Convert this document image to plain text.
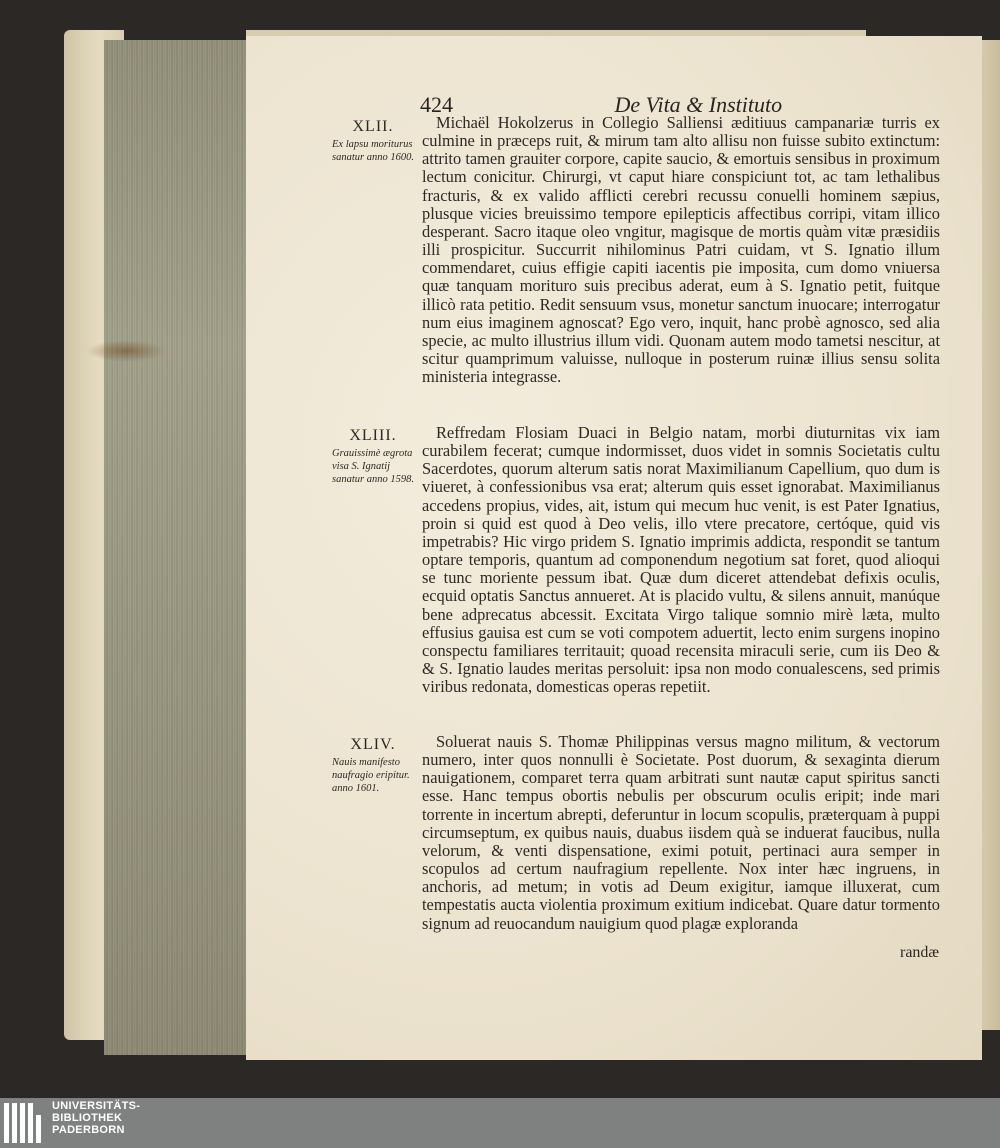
424	De Vita & Instituto
XLII.
Ex lapsu moriturus sanatur anno 1600.

Michaël Hokolzerus in Collegio Salliensi æditiuus campanariæ turris ex culmine in præceps ruit, & mirum tam alto allisu non fuisse subito extinctum: attrito tamen grauiter corpore, capite saucio, & emortuis sensibus in proximum lectum conicitur. Chirurgi, vt caput hiare conspiciunt tot, ac tam lethalibus fracturis, & ex valido afflicti cerebri recussu conuelli hominem sæpius, plusque vicies breuissimo tempore epilepticis affectibus corripi, vitam illico desperant. Sacro itaque oleo vngitur, magisque de mortis quàm vitæ præsidiis illi prospicitur. Succurrit nihilominus Patri cuidam, vt S. Ignatio illum commendaret, cuius effigie capiti iacentis pie imposita, cum domo vniuersa quæ tanquam morituro suis precibus aderat, eum à S. Ignatio petit, fuitque illicò rata petitio. Redit sensuum vsus, monetur sanctum inuocare; interrogatur num eius imaginem agnoscat? Ego vero, inquit, hanc probè agnosco, sed alia specie, ac multo illustrius illum vidi. Quonam autem modo tametsi nescitur, at scitur quamprimum valuisse, nulloque in posterum ruinæ illius sensu solita ministeria integrasse.

XLIII.
Grauissimè ægrota visa S. Ignatij sanatur anno 1598.

Reffredam Flosiam Duaci in Belgio natam, morbi diuturnitas vix iam curabilem fecerat; cumque indormisset, duos videt in somnis Societatis cultu Sacerdotes, quorum alterum satis norat Maximilianum Capellium, quo dum is viueret, à confessionibus vsa erat; alterum quis esset ignorabat. Maximilianus accedens propius, vides, ait, istum qui mecum huc venit, is est Pater Ignatius, proin si quid est quod à Deo velis, illo vtere precatore, certóque, quid vis impetrabis? Hic virgo pridem S. Ignatio imprimis addicta, respondit se tantum optare temporis, quantum ad componendum negotium sat foret, quod alioqui se tunc moriente pessum ibat. Quæ dum diceret attendebat defixis oculis, ecquid optatis Sanctus annueret. At is placido vultu, & silens annuit, manúque bene adprecatus abcessit. Excitata Virgo talique somnio mirè læta, multo effusius gauisa est cum se voti compotem aduertit, lecto enim surgens inopino conspectu familiares territauit; quoad recensita miraculi serie, cum iis Deo & & S. Ignatio laudes meritas persoluit: ipsa non modo conualescens, sed primis viribus redonata, domesticas operas repetiit.

XLIV.
Nauis manifesto naufragio eripitur. anno 1601.

Soluerat nauis S. Thomæ Philippinas versus magno militum, & vectorum numero, inter quos nonnulli è Societate. Post duorum, & sexaginta dierum nauigationem, comparet terra quam arbitrati sunt nautæ caput spiritus sancti esse. Hanc tempus obortis nebulis per obscurum oculis eripit; inde mari torrente in incertum abrepti, deferuntur in locum scopulis, præterquam à puppi circumseptum, ex quibus nauis, duabus iisdem quà se induerat faucibus, nulla velorum, & venti dispensatione, eximi potuit, pertinaci aura semper in scopulos ad certum naufragium repellente. Nox inter hæc ingruens, in anchoris, ad metum; in votis ad Deum exigitur, iamque illuxerat, cum tempestatis aucta violentia proximum exitium indicebat. Quare datur tormento signum ad reuocandum nauigium quod plagæ exploranda

randæ
UNIVERSITÄTS-
BIBLIOTHEK
PADERBORN
